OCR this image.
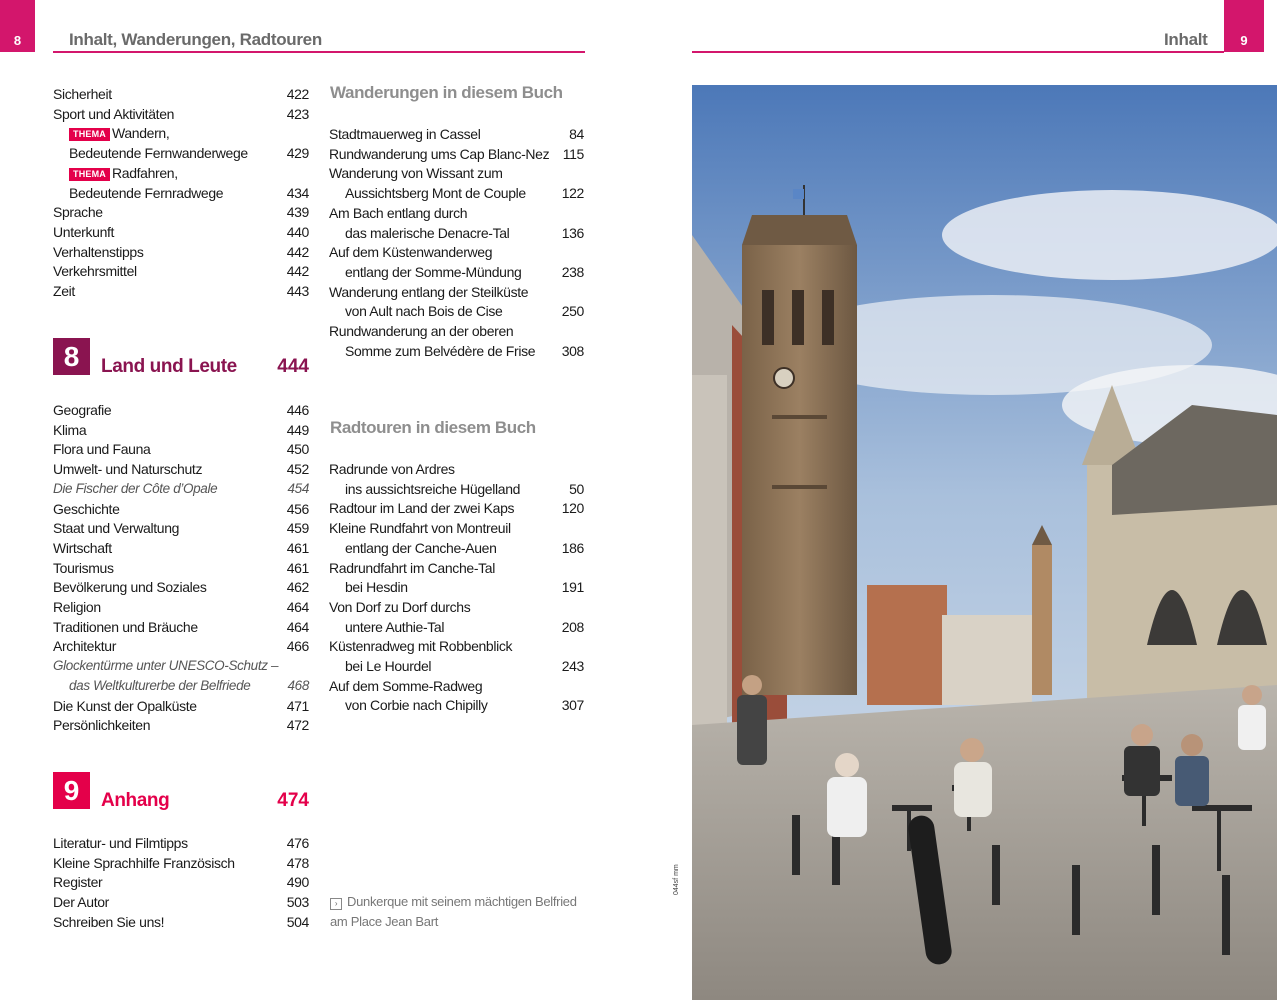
8	Inhalt, Wanderungen, Radtouren	9
Inhalt
Sicherheit	422
Sport und Aktivitäten	423
THEMA Wandern,
Bedeutende Fernwanderwege	429
THEMA Radfahren,
Bedeutende Fernradwege	434
Sprache	439
Unterkunft	440
Verhaltenstipps	442
Verkehrsmittel	442
Zeit	443
8	Land und Leute	444
Geografie	446
Klima	449
Flora und Fauna	450
Umwelt- und Naturschutz	452
Die Fischer der Côte d’Opale	454
Geschichte	456
Staat und Verwaltung	459
Wirtschaft	461
Tourismus	461
Bevölkerung und Soziales	462
Religion	464
Traditionen und Bräuche	464
Architektur	466
Glockentürme unter UNESCO-Schutz –
das Weltkulturerbe der Belfriede	468
Die Kunst der Opalküste	471
Persönlichkeiten	472
9	Anhang	474
Literatur- und Filmtipps	476
Kleine Sprachhilfe Französisch	478
Register	490
Der Autor	503
Schreiben Sie uns!	504
Wanderungen in diesem Buch
Stadtmauerweg in Cassel	84
Rundwanderung ums Cap Blanc-Nez 115
Wanderung von Wissant zum
Aussichtsberg Mont de Couple	122
Am Bach entlang durch
das malerische Denacre-Tal	136
Auf dem Küstenwanderweg
entlang der Somme-Mündung	238
Wanderung entlang der Steilküste
von Ault nach Bois de Cise	250
Rundwanderung an der oberen
Somme zum Belvédère de Frise 308
Radtouren in diesem Buch
Radrunde von Ardres
ins aussichtsreiche Hügelland	50
Radtour im Land der zwei Kaps	120
Kleine Rundfahrt von Montreuil
entlang der Canche-Auen	186
Radrundfahrt im Canche-Tal
bei Hesdin	191
Von Dorf zu Dorf durchs
untere Authie-Tal	208
Küstenradweg mit Robbenblick
bei Le Hourdel	243
Auf dem Somme-Radweg
von Corbie nach Chipilly	307
› Dunkerque mit seinem mächtigen Belfried
am Place Jean Bart
044sf mm
